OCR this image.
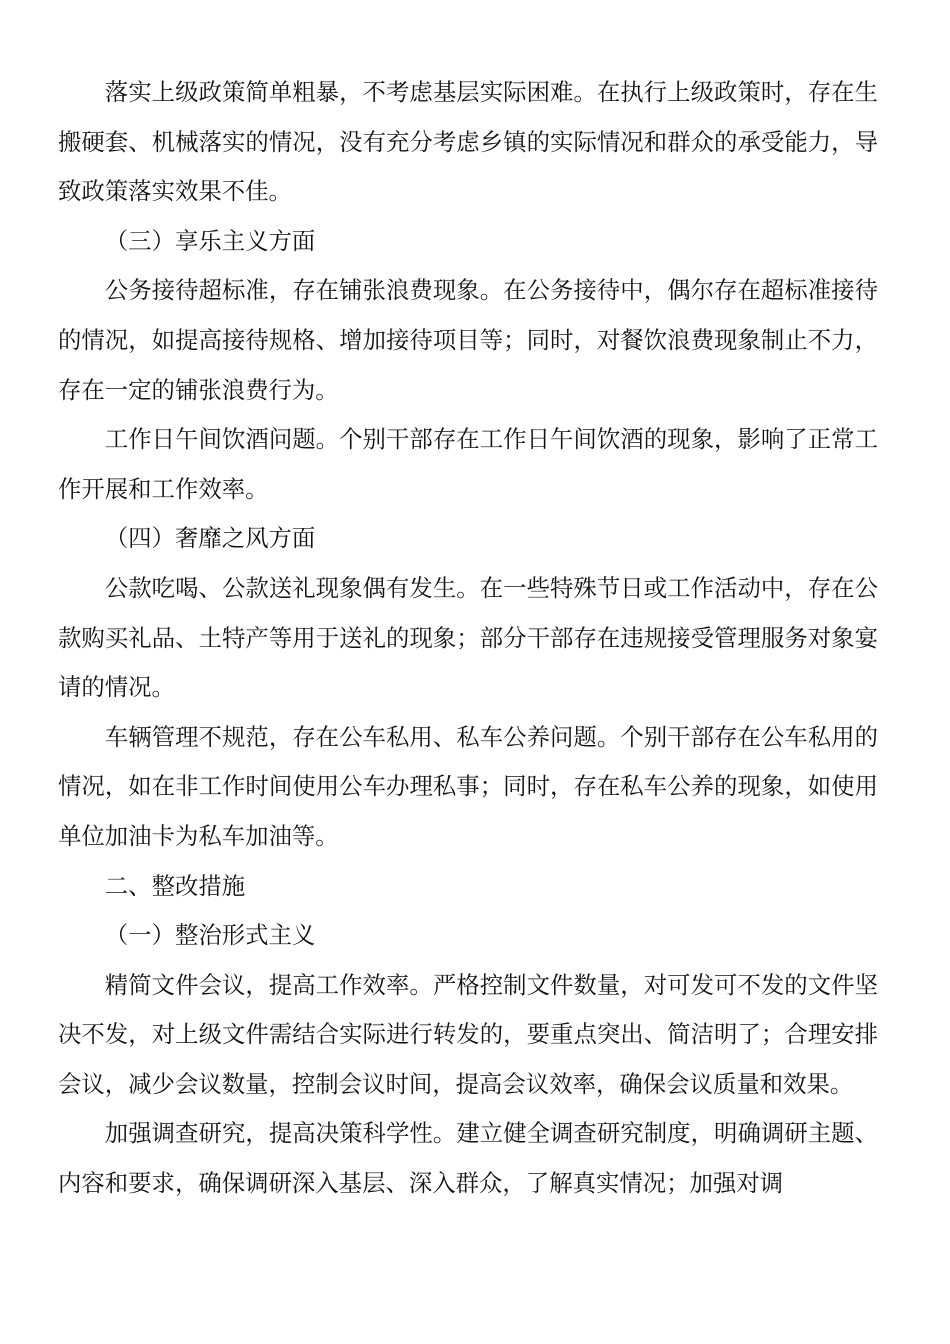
落实上级政策简单粗暴，不考虑基层实际困难。在执行上级政策时，存在生搬硬套、机械落实的情况，没有充分考虑乡镇的实际情况和群众的承受能力，导致政策落实效果不佳。

（三）享乐主义方面

公务接待超标准，存在铺张浪费现象。在公务接待中，偶尔存在超标准接待的情况，如提高接待规格、增加接待项目等；同时，对餐饮浪费现象制止不力，存在一定的铺张浪费行为。

工作日午间饮酒问题。个别干部存在工作日午间饮酒的现象，影响了正常工作开展和工作效率。

（四）奢靡之风方面

公款吃喝、公款送礼现象偶有发生。在一些特殊节日或工作活动中，存在公款购买礼品、土特产等用于送礼的现象；部分干部存在违规接受管理服务对象宴请的情况。

车辆管理不规范，存在公车私用、私车公养问题。个别干部存在公车私用的情况，如在非工作时间使用公车办理私事；同时，存在私车公养的现象，如使用单位加油卡为私车加油等。

二、整改措施

（一）整治形式主义

精简文件会议，提高工作效率。严格控制文件数量，对可发可不发的文件坚决不发，对上级文件需结合实际进行转发的，要重点突出、简洁明了；合理安排会议，减少会议数量，控制会议时间，提高会议效率，确保会议质量和效果。

加强调查研究，提高决策科学性。建立健全调查研究制度，明确调研主题、内容和要求，确保调研深入基层、深入群众，了解真实情况；加强对调
